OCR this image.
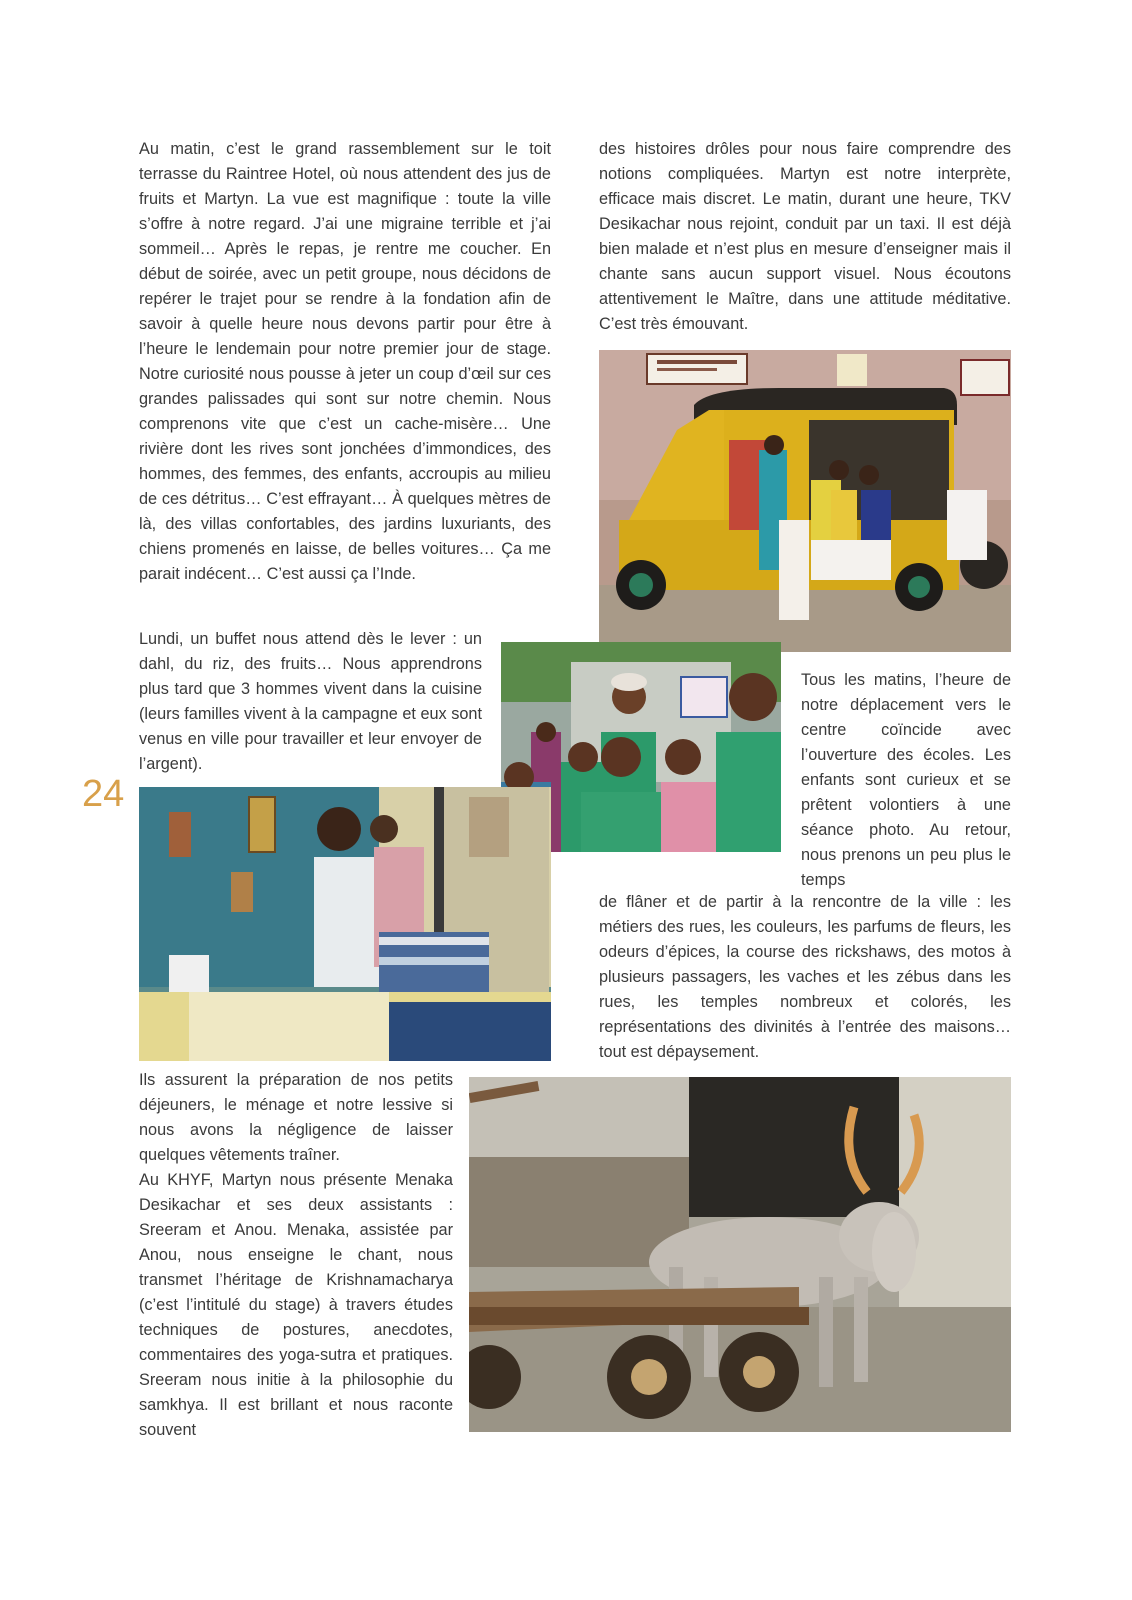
24

Au matin, c’est le grand rassemblement sur le toit terrasse du Raintree Hotel, où nous attendent des jus de fruits et Martyn. La vue est magnifique : toute la ville s’offre à notre regard. J’ai une migraine terrible et j’ai sommeil… Après le repas, je rentre me coucher. En début de soirée, avec un petit groupe, nous décidons de repérer le trajet pour se rendre à la fondation afin de savoir à quelle heure nous devons partir pour être à l’heure le lendemain pour notre premier jour de stage. Notre curiosité nous pousse à jeter un coup d’œil sur ces grandes palissades qui sont sur notre chemin. Nous comprenons vite que c’est un cache-misère… Une rivière dont les rives sont jonchées d’immondices, des hommes, des femmes, des enfants, accroupis au milieu de ces détritus… C’est effrayant… À quelques mètres de là, des villas confortables, des jardins luxuriants, des chiens promenés en laisse, de belles voitures… Ça me parait indécent… C’est aussi ça l’Inde.

Lundi, un buffet nous attend dès le lever : un dahl, du riz, des fruits… Nous apprendrons plus tard que 3 hommes vivent dans la cuisine (leurs familles vivent à la campagne et eux sont venus en ville pour travailler et leur envoyer de l’argent).

Ils assurent la préparation de nos petits déjeuners, le ménage et notre lessive si nous avons la négligence de laisser quelques vêtements traîner.

Au KHYF, Martyn nous présente Menaka Desikachar et ses deux assistants : Sreeram et Anou. Menaka, assistée par Anou, nous enseigne le chant, nous transmet l’héritage de Krishnamacharya (c’est l’intitulé du stage) à travers études techniques de postures, anecdotes, commentaires des yoga-sutra et pratiques. Sreeram nous initie à la philosophie du samkhya. Il est brillant et nous raconte souvent

des histoires drôles pour nous faire comprendre des notions compliquées. Martyn est notre interprète, efficace mais discret. Le matin, durant une heure, TKV Desikachar nous rejoint, conduit par un taxi. Il est déjà bien malade et n’est plus en mesure d’enseigner mais il chante sans aucun support visuel. Nous écoutons attentivement le Maître, dans une attitude méditative. C’est très émouvant.

Tous les matins, l’heure de notre déplacement vers le centre coïncide avec l’ouverture des écoles. Les enfants sont curieux et se prêtent volontiers à une séance photo. Au retour, nous prenons un peu plus le temps

de flâner et de partir à la rencontre de la ville : les métiers des rues, les couleurs, les parfums de fleurs, les odeurs d’épices, la course des rickshaws, des motos à plusieurs passagers, les vaches et les zébus dans les rues, les temples nombreux et colorés, les représentations des divinités à l’entrée des maisons… tout est dépaysement.
